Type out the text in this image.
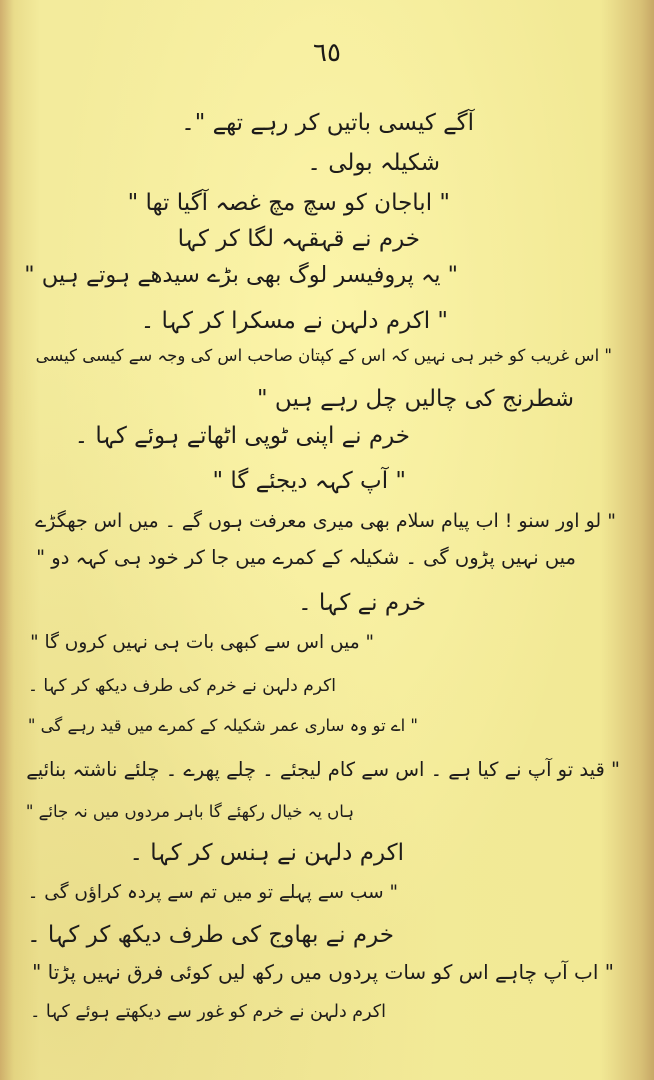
٦٥
آگے کیسی باتیں کر رہے تھے "۔
شکیلہ بولی ۔
" اباجان کو سچ مچ غصہ آگیا تھا "
خرم نے قہقہہ لگا کر کہا
" یہ پروفیسر لوگ بھی بڑے سیدھے ہوتے ہیں "
" اکرم دلہن نے مسکرا کر کہا ۔
" اس غریب کو خبر ہی نہیں کہ اس کے کپتان صاحب اس کی وجہ سے کیسی کیسی
شطرنج کی چالیں چل رہے ہیں "
خرم نے اپنی ٹوپی اٹھاتے ہوئے کہا ۔
" آپ کہہ دیجئے گا "
" لو اور سنو ! اب پیام سلام بھی میری معرفت ہوں گے ۔ میں اس جھگڑے
میں نہیں پڑوں گی ۔ شکیلہ کے کمرے میں جا کر خود ہی کہہ دو "
خرم نے کہا ۔
" میں اس سے کبھی بات ہی نہیں کروں گا "
اکرم دلہن نے خرم کی طرف دیکھ کر کہا ۔
" اے تو وہ ساری عمر شکیلہ کے کمرے میں قید رہے گی "
" قید تو آپ نے کیا ہے ۔ اس سے کام لیجئے ۔ چلے پھرے ۔ چلئے ناشتہ بنائیے
ہاں یہ خیال رکھئے گا باہر مردوں میں نہ جائے "
اکرم دلہن نے ہنس کر کہا ۔
" سب سے پہلے تو میں تم سے پردہ کراؤں گی ۔
خرم نے بھاوج کی طرف دیکھ کر کہا ۔
" اب آپ چاہے اس کو سات پردوں میں رکھ لیں کوئی فرق نہیں پڑتا "
اکرم دلہن نے خرم کو غور سے دیکھتے ہوئے کہا ۔
